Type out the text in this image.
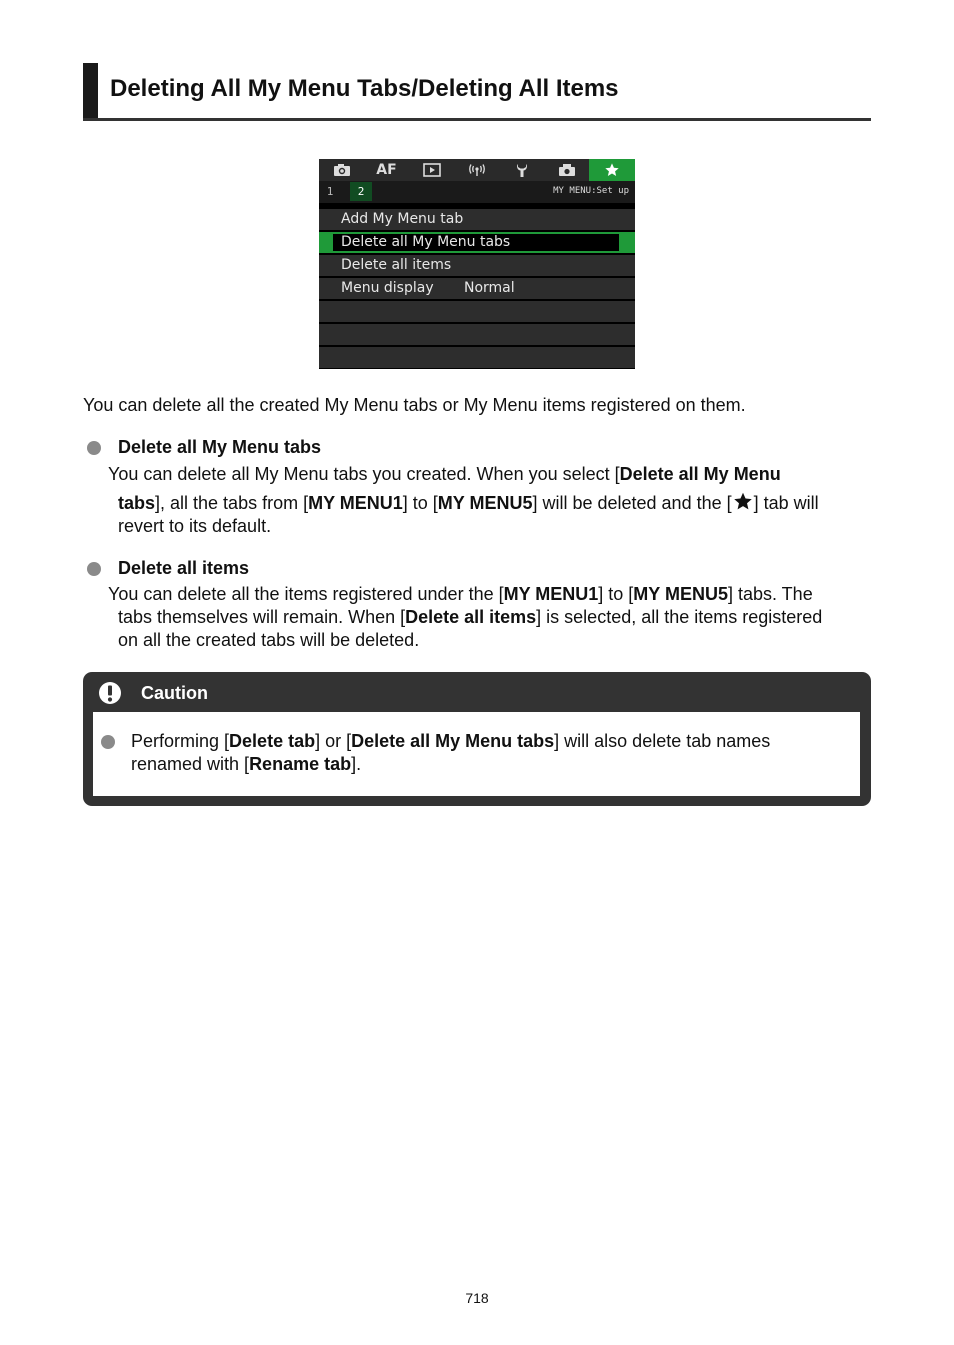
Deleting All My Menu Tabs/Deleting All Items
AF
1	2	MY MENU:Set up
Add My Menu tab
Delete all My Menu tabs
Delete all items
Menu display Normal

You can delete all the created My Menu tabs or My Menu items registered on them.

Delete all My Menu tabs
You can delete all My Menu tabs you created. When you select [Delete all My Menu
tabs], all the tabs from [MY MENU1] to [MY MENU5] will be deleted and the [ ] tab will
revert to its default.
Delete all items
You can delete all the items registered under the [MY MENU1] to [MY MENU5] tabs. The
tabs themselves will remain. When [Delete all items] is selected, all the items registered
on all the created tabs will be deleted.
Caution
Performing [Delete tab] or [Delete all My Menu tabs] will also delete tab names
renamed with [Rename tab].
718
